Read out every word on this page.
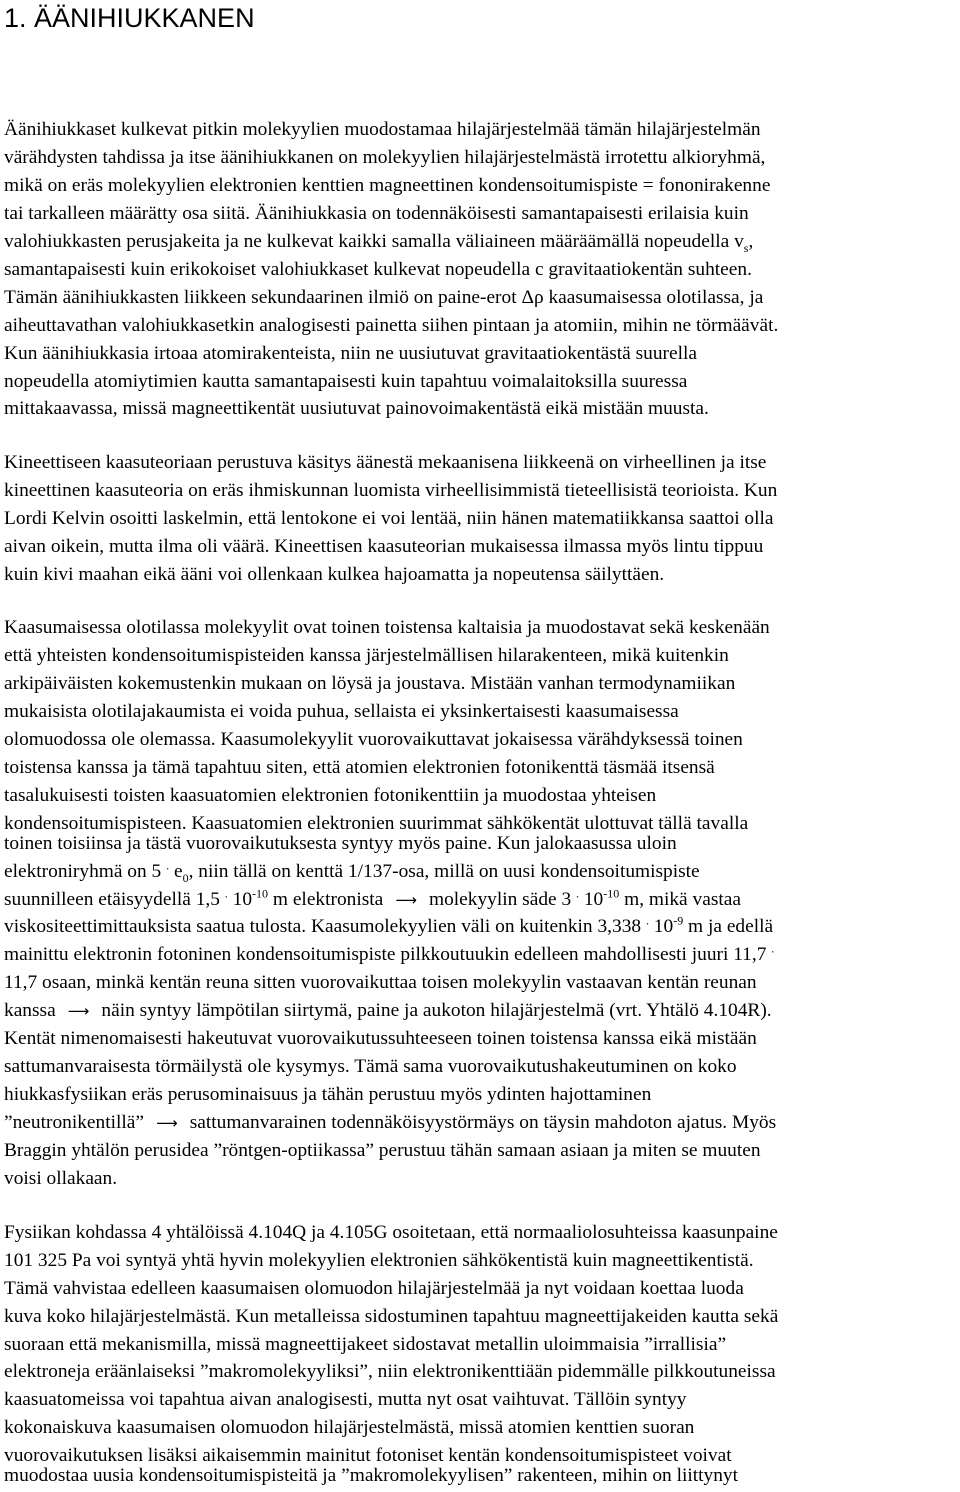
1. ÄÄNIHIUKKANEN
Äänihiukkaset kulkevat pitkin molekyylien muodostamaa hilajärjestelmää tämän hilajärjestelmän
värähdysten tahdissa ja itse äänihiukkanen on molekyylien hilajärjestelmästä irrotettu alkioryhmä,
mikä on eräs molekyylien elektronien kenttien magneettinen kondensoitumispiste = fononirakenne
tai tarkalleen määrätty osa siitä. Äänihiukkasia on todennäköisesti samantapaisesti erilaisia kuin
valohiukkasten perusjakeita ja ne kulkevat kaikki samalla väliaineen määräämällä nopeudella $v_s$,
samantapaisesti kuin erikokoiset valohiukkaset kulkevat nopeudella c gravitaatiokentän suhteen.
Tämän äänihiukkasten liikkeen sekundaarinen ilmiö on paine-erot Δρ kaasumaisessa olotilassa, ja
aiheuttavathan valohiukkasetkin analogisesti painetta siihen pintaan ja atomiin, mihin ne törmäävät.
Kun äänihiukkasia irtoaa atomirakenteista, niin ne uusiutuvat gravitaatiokentästä suurella
nopeudella atomiytimien kautta samantapaisesti kuin tapahtuu voimalaitoksilla suuressa
mittakaavassa, missä magneettikentät uusiutuvat painovoimakentästä eikä mistään muusta.
Kineettiseen kaasuteoriaan perustuva käsitys äänestä mekaanisena liikkeenä on virheellinen ja itse
kineettinen kaasuteoria on eräs ihmiskunnan luomista virheellisimmistä tieteellisistä teorioista. Kun
Lordi Kelvin osoitti laskelmin, että lentokone ei voi lentää, niin hänen matematiikkansa saattoi olla
aivan oikein, mutta ilma oli väärä. Kineettisen kaasuteorian mukaisessa ilmassa myös lintu tippuu
kuin kivi maahan eikä ääni voi ollenkaan kulkea hajoamatta ja nopeutensa säilyttäen.
Kaasumaisessa olotilassa molekyylit ovat toinen toistensa kaltaisia ja muodostavat sekä keskenään
että yhteisten kondensoitumispisteiden kanssa järjestelmällisen hilarakenteen, mikä kuitenkin
arkipäiväisten kokemustenkin mukaan on löysä ja joustava. Mistään vanhan termodynamiikan
mukaisista olotilajakaumista ei voida puhua, sellaista ei yksinkertaisesti kaasumaisessa
olomuodossa ole olemassa. Kaasumolekyylit vuorovaikuttavat jokaisessa värähdyksessä toinen
toistensa kanssa ja tämä tapahtuu siten, että atomien elektronien fotonikenttä täsmää itsensä
tasalukuisesti toisten kaasuatomien elektronien fotonikenttiin ja muodostaa yhteisen
kondensoitumispisteen. Kaasuatomien elektronien suurimmat sähkökentät ulottuvat tällä tavalla
toinen toisiinsa ja tästä vuorovaikutuksesta syntyy myös paine. Kun jalokaasussa uloin
elektroniryhmä on 5 . $e_0$, niin tällä on kenttä 1/137-osa, millä on uusi kondensoitumispiste
suunnilleen etäisyydellä 1,5 . $10^{-10}$ m elektronista ⟶ molekyylin säde 3 . $10^{-10}$ m, mikä vastaa
viskositeettimittauksista saatua tulosta. Kaasumolekyylien väli on kuitenkin 3,338 . $10^{-9}$ m ja edellä
mainittu elektronin fotoninen kondensoitumispiste pilkkoutuukin edelleen mahdollisesti juuri 11,7 .
11,7 osaan, minkä kentän reuna sitten vuorovaikuttaa toisen molekyylin vastaavan kentän reunan
kanssa ⟶ näin syntyy lämpötilan siirtymä, paine ja aukoton hilajärjestelmä (vrt. Yhtälö 4.104R).
Kentät nimenomaisesti hakeutuvat vuorovaikutussuhteeseen toinen toistensa kanssa eikä mistään
sattumanvaraisesta törmäilystä ole kysymys. Tämä sama vuorovaikutushakeutuminen on koko
hiukkasfysiikan eräs perusominaisuus ja tähän perustuu myös ydinten hajottaminen
”neutronikentillä” ⟶ sattumanvarainen todennäköisyystörmäys on täysin mahdoton ajatus. Myös
Braggin yhtälön perusidea ”röntgen-optiikassa” perustuu tähän samaan asiaan ja miten se muuten
voisi ollakaan.
Fysiikan kohdassa 4 yhtälöissä 4.104Q ja 4.105G osoitetaan, että normaaliolosuhteissa kaasunpaine
101 325 Pa voi syntyä yhtä hyvin molekyylien elektronien sähkökentistä kuin magneettikentistä.
Tämä vahvistaa edelleen kaasumaisen olomuodon hilajärjestelmää ja nyt voidaan koettaa luoda
kuva koko hilajärjestelmästä. Kun metalleissa sidostuminen tapahtuu magneettijakeiden kautta sekä
suoraan että mekanismilla, missä magneettijakeet sidostavat metallin uloimmaisia ”irrallisia”
elektroneja eräänlaiseksi ”makromolekyyliksi”, niin elektronikenttiään pidemmälle pilkkoutuneissa
kaasuatomeissa voi tapahtua aivan analogisesti, mutta nyt osat vaihtuvat. Tällöin syntyy
kokonaiskuva kaasumaisen olomuodon hilajärjestelmästä, missä atomien kenttien suoran
vuorovaikutuksen lisäksi aikaisemmin mainitut fotoniset kentän kondensoitumispisteet voivat
muodostaa uusia kondensoitumispisteitä ja ”makromolekyylisen” rakenteen, mihin on liittynyt
